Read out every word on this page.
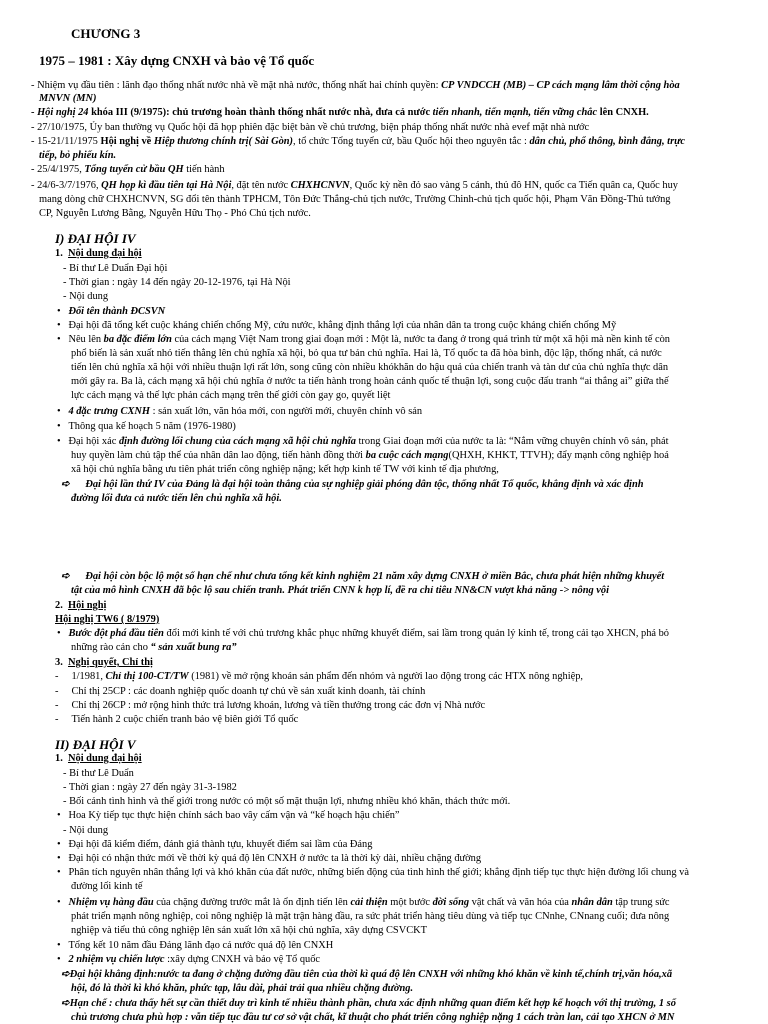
CHƯƠNG 3
1975 – 1981 : Xây dựng CNXH và bảo vệ Tổ quốc
- Nhiệm vụ đầu tiên : lãnh đạo thống nhất nước nhà về mặt nhà nước, thống nhất hai chính quyền: CP VNDCCH (MB) – CP cách mạng lâm thời cộng hòa
MNVN (MN)
- Hội nghị 24 khóa III (9/1975): chủ trương hoàn thành thống nhất nước nhà, đưa cả nước tiến nhanh, tiến mạnh, tiến vững chắc lên CNXH.
- 27/10/1975, Ủy ban thường vụ Quốc hội đã họp phiên đặc biệt bàn về chủ trương, biện pháp thống nhất nước nhà evef mặt nhà nước
- 15-21/11/1975 Hội nghị về Hiệp thương chính trị( Sài Gòn), tổ chức Tổng tuyển cử, bầu Quốc hội theo nguyên tắc : dân chủ, phổ thông, bình đẳng, trực
tiếp, bỏ phiếu kín.
- 25/4/1975, Tổng tuyển cử bầu QH tiến hành
- 24/6-3/7/1976, QH họp kì đầu tiên tại Hà Nội, đặt tên nước CHXHCNVN, Quốc kỳ nền đỏ sao vàng 5 cánh, thủ đô HN, quốc ca Tiến quân ca, Quốc huy
mang dòng chữ CHXHCNVN, SG đổi tên thành TPHCM, Tôn Đức Thắng-chủ tịch nước, Trường Chinh-chủ tịch quốc hội, Phạm Văn Đồng-Thủ tướng
CP, Nguyễn Lương Bằng, Nguyễn Hữu Thọ - Phó Chủ tịch nước.
I) ĐẠI HỘI IV
1. Nội dung đại hội
- Bí thư Lê Duẩn Đại hội
- Thời gian : ngày 14 đến ngày 20-12-1976, tại Hà Nội
- Nội dung
• Đổi tên thành ĐCSVN
• Đại hội đã tổng kết cuộc kháng chiến chống Mỹ, cứu nước, khẳng định thắng lợi của nhân dân ta trong cuộc kháng chiến chống Mỹ
• Nêu lên ba đặc điểm lớn của cách mạng Việt Nam trong giai đoạn mới : Một là, nước ta đang ở trong quá trình từ một xã hội mà nền kinh tế còn
phổ biến là sản xuất nhỏ tiến thẳng lên chủ nghĩa xã hội, bỏ qua tư bản chủ nghĩa. Hai là, Tổ quốc ta đã hòa bình, độc lập, thống nhất, cả nước
tiến lên chủ nghĩa xã hội với nhiều thuận lợi rất lớn, song cũng còn nhiều khókhăn do hậu quả của chiến tranh và tàn dư của chủ nghĩa thực dân
mới gây ra. Ba là, cách mạng xã hội chủ nghĩa ở nước ta tiến hành trong hoàn cảnh quốc tế thuận lợi, song cuộc đấu tranh “ai thắng ai” giữa thế
lực cách mạng và thế lực phản cách mạng trên thế giới còn gay go, quyết liệt
• 4 đặc trưng CXNH : sản xuất lớn, văn hóa mới, con người mới, chuyên chính vô sản
• Thông qua kế hoạch 5 năm (1976-1980)
• Đại hội xác định đường lối chung của cách mạng xã hội chủ nghĩa trong Giai đoạn mới của nước ta là: “Nắm vững chuyên chính vô sản, phát
huy quyền làm chủ tập thể của nhân dân lao động, tiến hành đồng thời ba cuộc cách mạng(QHXH, KHKT, TTVH); đẩy mạnh công nghiệp hoá
xã hội chủ nghĩa bằng ưu tiên phát triển công nghiệp nặng; kết hợp kinh tế TW với kinh tế địa phương,
➪ Đại hội lần thứ IV của Đảng là đại hội toàn thắng của sự nghiệp giải phóng dân tộc, thống nhất Tổ quốc, khẳng định và xác định
đường lối đưa cả nước tiến lên chủ nghĩa xã hội.
➪ Đại hội còn bộc lộ một số hạn chế như chưa tổng kết kinh nghiệm 21 năm xây dựng CNXH ở miền Bắc, chưa phát hiện những khuyết
tật của mô hình CNXH đã bộc lộ sau chiến tranh. Phát triển CNN k hợp lí, đề ra chỉ tiêu NN&CN vượt khả năng -> nông vội
2. Hội nghị
Hội nghị TW6 ( 8/1979)
• Bước đột phá đầu tiên đổi mới kinh tế với chủ trương khắc phục những khuyết điểm, sai lầm trong quản lý kinh tế, trong cải tạo XHCN, phá bỏ
những rào cản cho “ sản xuất bung ra”
3. Nghị quyết, Chỉ thị
- 1/1981, Chỉ thị 100-CT/TW (1981) về mở rộng khoán sản phẩm đến nhóm và người lao động trong các HTX nông nghiệp,
- Chỉ thị 25CP : các doanh nghiệp quốc doanh tự chủ về sản xuất kinh doanh, tài chính
- Chỉ thị 26CP : mở rộng hình thức trả lương khoán, lương và tiền thưởng trong các đơn vị Nhà nước
- Tiến hành 2 cuộc chiến tranh bảo vệ biên giới Tổ quốc
II) ĐẠI HỘI V
1. Nội dung đại hội
- Bí thư Lê Duẩn
- Thời gian : ngày 27 đến ngày 31-3-1982
- Bối cảnh tình hình và thế giới trong nước có một số mặt thuận lợi, nhưng nhiều khó khăn, thách thức mới.
• Hoa Kỳ tiếp tục thực hiện chính sách bao vây cấm vận và “kế hoạch hậu chiến”
- Nội dung
• Đại hội đã kiểm điểm, đánh giá thành tựu, khuyết điểm sai lầm của Đảng
• Đại hội có nhận thức mới về thời kỳ quá độ lên CNXH ở nước ta là thời kỳ dài, nhiều chặng đường
• Phân tích nguyên nhân thắng lợi và khó khăn của đất nước, những biến động của tình hình thế giới; khẳng định tiếp tục thực hiện đường lối chung và
đường lối kinh tế
• Nhiệm vụ hàng đầu của chặng đường trước mắt là ổn định tiến lên cải thiện một bước đời sống vật chất và văn hóa của nhân dân tập trung sức
phát triển mạnh nông nghiệp, coi nông nghiệp là mặt trận hàng đầu, ra sức phát triển hàng tiêu dùng và tiếp tục CNnhe, CNnang cuối; đưa nông
nghiệp và tiểu thủ công nghiệp lên sản xuất lớn xã hội chủ nghĩa, xây dựng CSVCKT
• Tổng kết 10 năm đầu Đảng lãnh đạo cả nước quá độ lên CNXH
• 2 nhiệm vụ chiến lược :xây dựng CNXH và bảo vệ Tổ quốc
➪Đại hội khẳng định:nước ta đang ở chặng đường đầu tiên của thời kì quá độ lên CNXH với những khó khăn về kinh tế,chính trị,văn hóa,xã
hội, đó là thời kì khó khăn, phức tạp, lâu dài, phải trải qua nhiều chặng đường.
➪Hạn chế : chưa thấy hết sự cần thiết duy trì kinh tế nhiều thành phần, chưa xác định những quan điểm kết hợp kế hoạch với thị trường, 1 số
chủ trương chưa phù hợp : vẫn tiếp tục đầu tư cơ sở vật chất, kĩ thuật cho phát triển công nghiệp nặng 1 cách tràn lan, cải tạo XHCN ở MN
